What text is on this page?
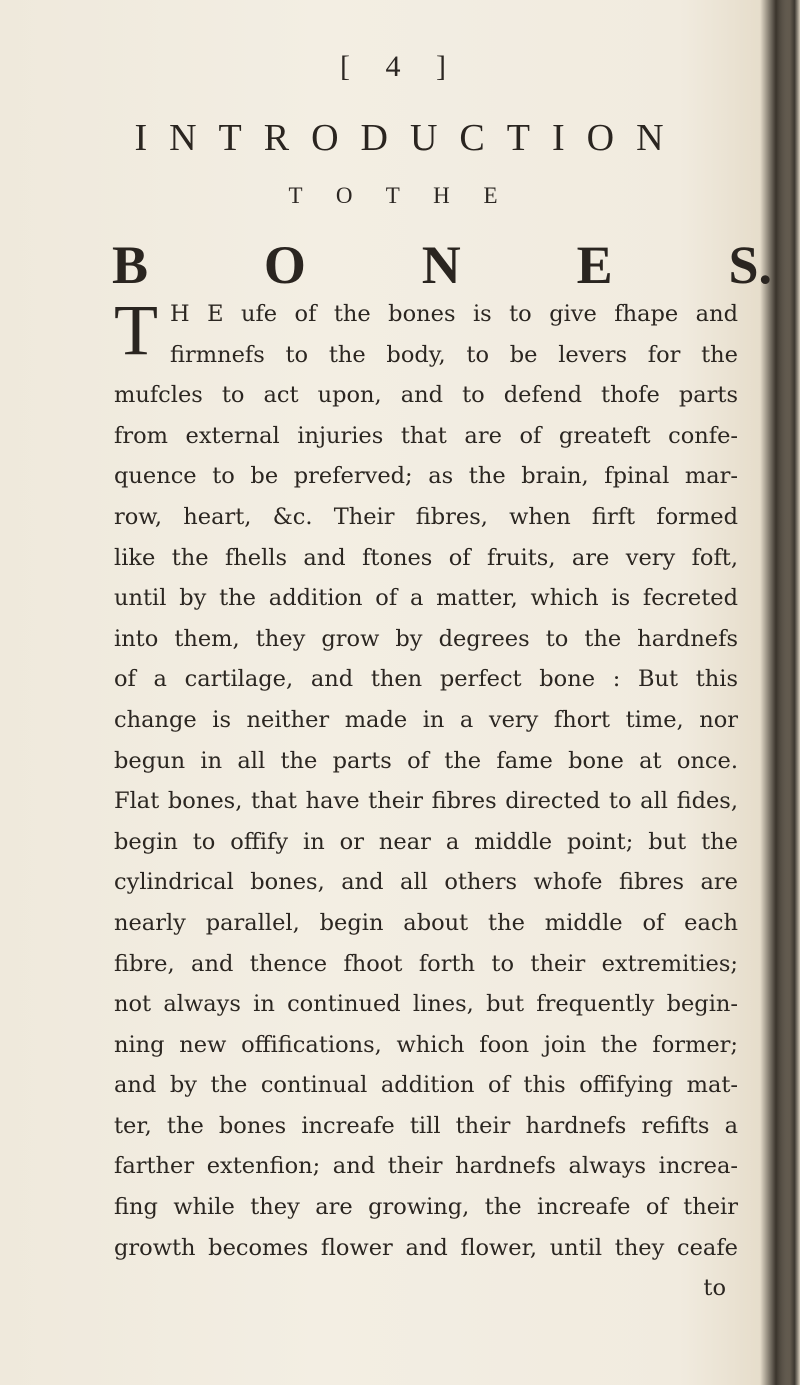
[ 4 ]
INTRODUCTION
T O T H E
B O N E S.
T H E ufe of the bones is to give fhape and
firmnefs to the body, to be levers for the
mufcles to act upon, and to defend thofe parts
from external injuries that are of greateft confe-
quence to be preferved; as the brain, fpinal mar-
row, heart, &c. Their fibres, when firft formed
like the fhells and ftones of fruits, are very foft,
until by the addition of a matter, which is fecreted
into them, they grow by degrees to the hardnefs
of a cartilage, and then perfect bone : But this
change is neither made in a very fhort time, nor
begun in all the parts of the fame bone at once.
Flat bones, that have their fibres directed to all fides,
begin to offify in or near a middle point; but the
cylindrical bones, and all others whofe fibres are
nearly parallel, begin about the middle of each
fibre, and thence fhoot forth to their extremities;
not always in continued lines, but frequently begin-
ning new offifications, which foon join the former;
and by the continual addition of this offifying mat-
ter, the bones increafe till their hardnefs refifts a
farther extenfion; and their hardnefs always increa-
fing while they are growing, the increafe of their
growth becomes flower and flower, until they ceafe
to
